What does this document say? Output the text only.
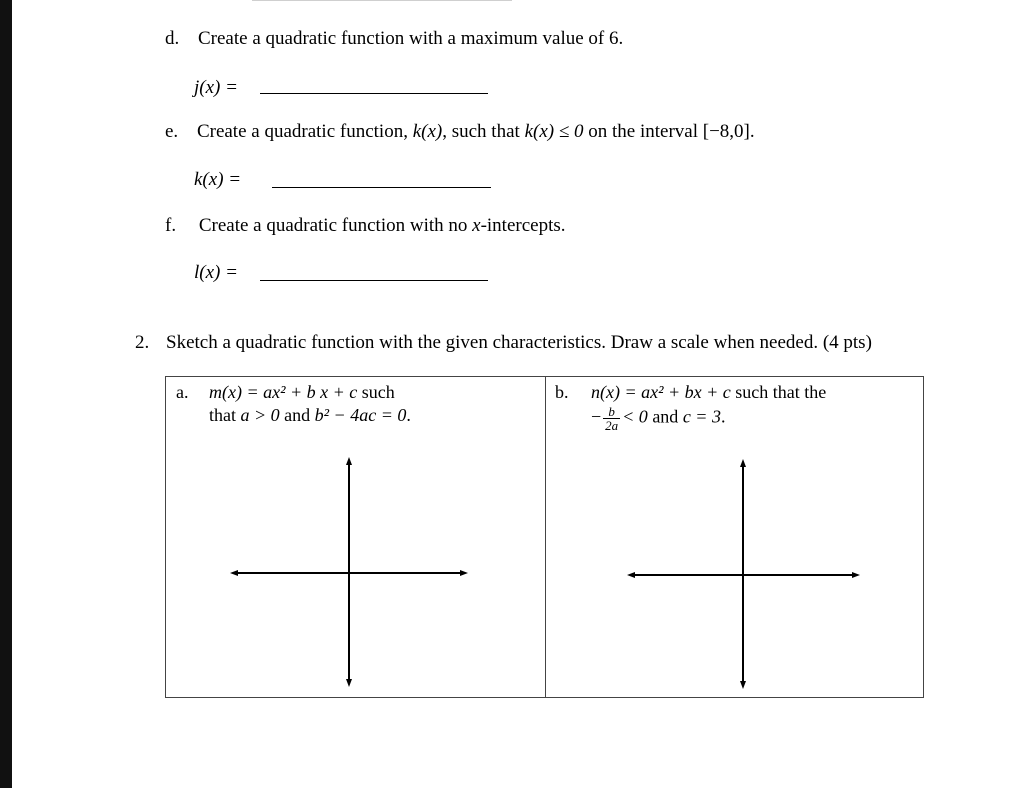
d. Create a quadratic function with a maximum value of 6.
j(x) =
e. Create a quadratic function, k(x), such that k(x) ≤ 0 on the interval [−8,0].
k(x) =
f. Create a quadratic function with no x-intercepts.
l(x) =
2. Sketch a quadratic function with the given characteristics. Draw a scale when needed. (4 pts)
a. m(x) = ax² + b x + c such
that a > 0 and b² − 4ac = 0.
b. n(x) = ax² + bx + c such that the
− $\frac{b}{2a} < 0$ and c = 3.
